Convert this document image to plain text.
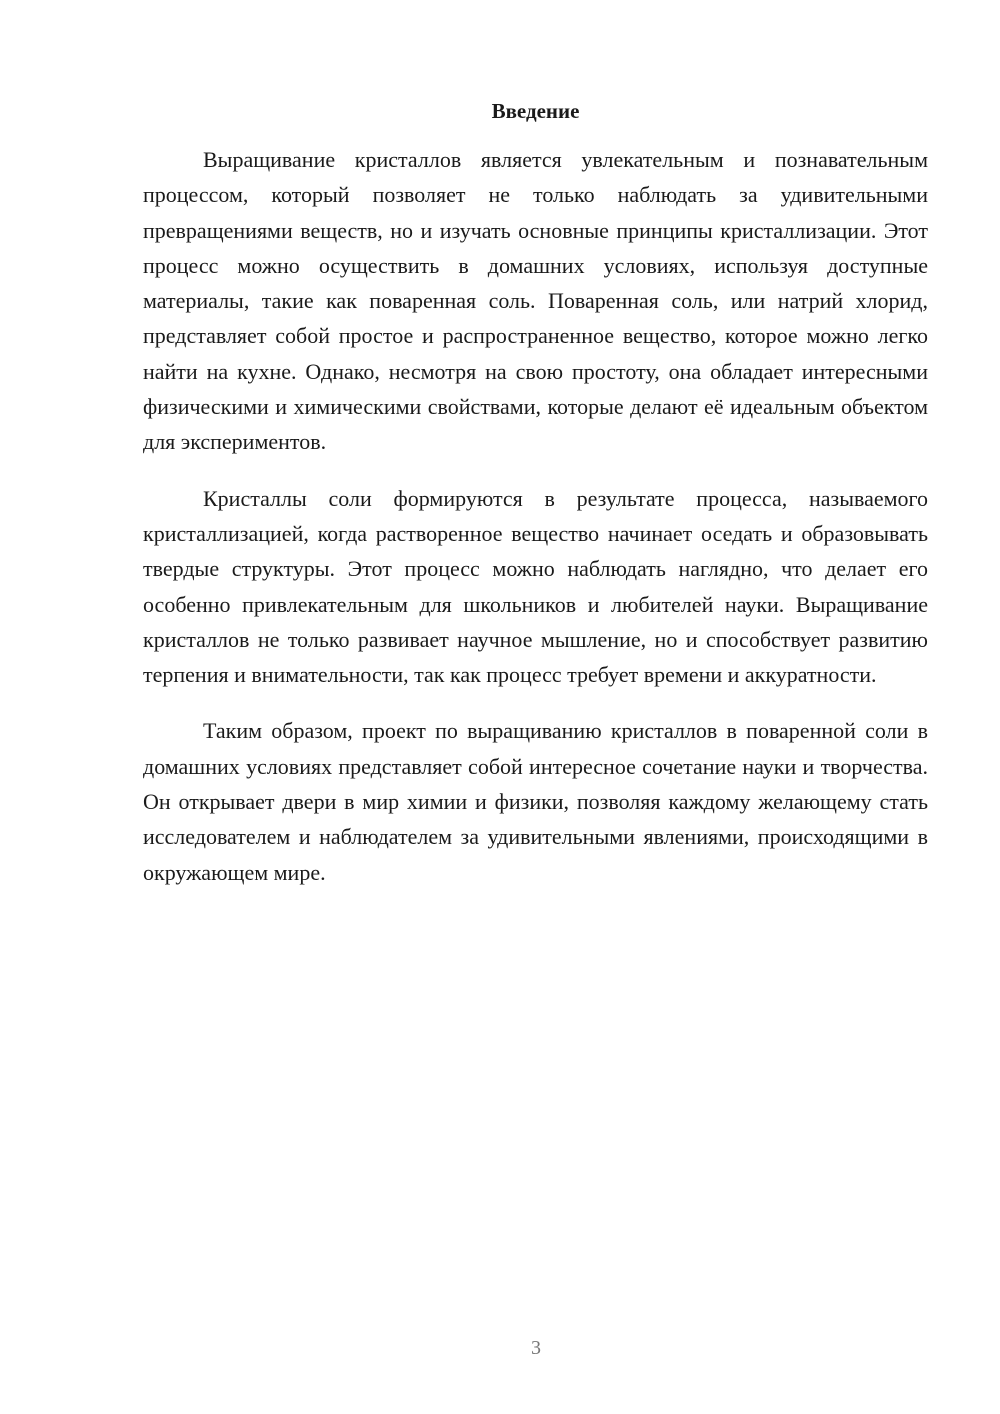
Введение

Выращивание кристаллов является увлекательным и познавательным процессом, который позволяет не только наблюдать за удивительными превращениями веществ, но и изучать основные принципы кристаллизации. Этот процесс можно осуществить в домашних условиях, используя доступные материалы, такие как поваренная соль. Поваренная соль, или натрий хлорид, представляет собой простое и распространенное вещество, которое можно легко найти на кухне. Однако, несмотря на свою простоту, она обладает интересными физическими и химическими свойствами, которые делают её идеальным объектом для экспериментов.

Кристаллы соли формируются в результате процесса, называемого кристаллизацией, когда растворенное вещество начинает оседать и образовывать твердые структуры. Этот процесс можно наблюдать наглядно, что делает его особенно привлекательным для школьников и любителей науки. Выращивание кристаллов не только развивает научное мышление, но и способствует развитию терпения и внимательности, так как процесс требует времени и аккуратности.

Таким образом, проект по выращиванию кристаллов в поваренной соли в домашних условиях представляет собой интересное сочетание науки и творчества. Он открывает двери в мир химии и физики, позволяя каждому желающему стать исследователем и наблюдателем за удивительными явлениями, происходящими в окружающем мире.

3
